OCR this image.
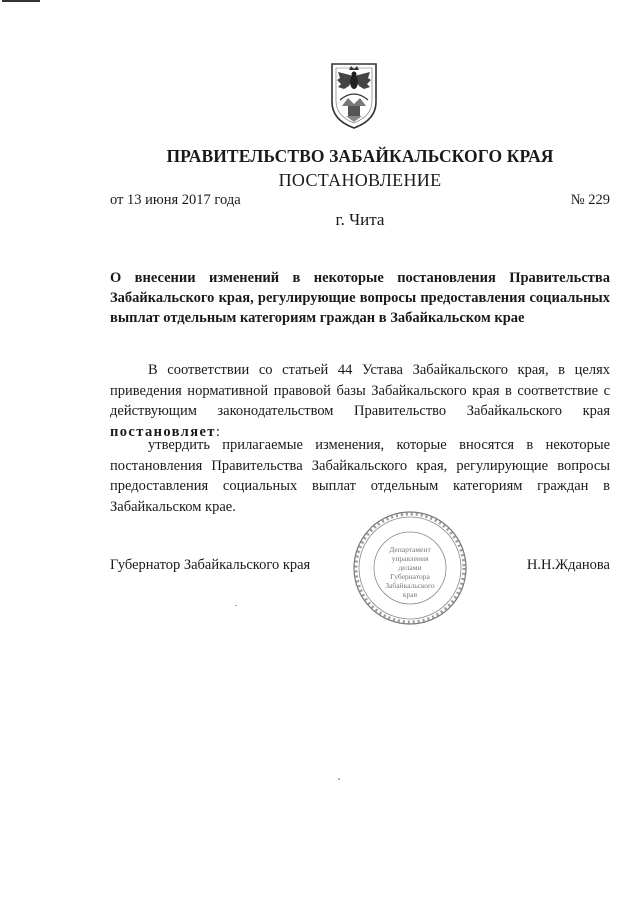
ПРАВИТЕЛЬСТВО ЗАБАЙКАЛЬСКОГО КРАЯ
ПОСТАНОВЛЕНИЕ
от 13 июня 2017 года	№ 229
г. Чита
О внесении изменений в некоторые постановления Правительства Забайкальского края, регулирующие вопросы предоставления социальных выплат отдельным категориям граждан в Забайкальском крае
В соответствии со статьей 44 Устава Забайкальского края, в целях приведения нормативной правовой базы Забайкальского края в соответствие с действующим законодательством Правительство Забайкальского края постановляет:
утвердить прилагаемые изменения, которые вносятся в некоторые постановления Правительства Забайкальского края, регулирующие вопросы предоставления социальных выплат отдельным категориям граждан в Забайкальском крае.
Департамент
управления
делами
Губернатора
Забайкальского
края
Губернатор Забайкальского края	Н.Н.Жданова
